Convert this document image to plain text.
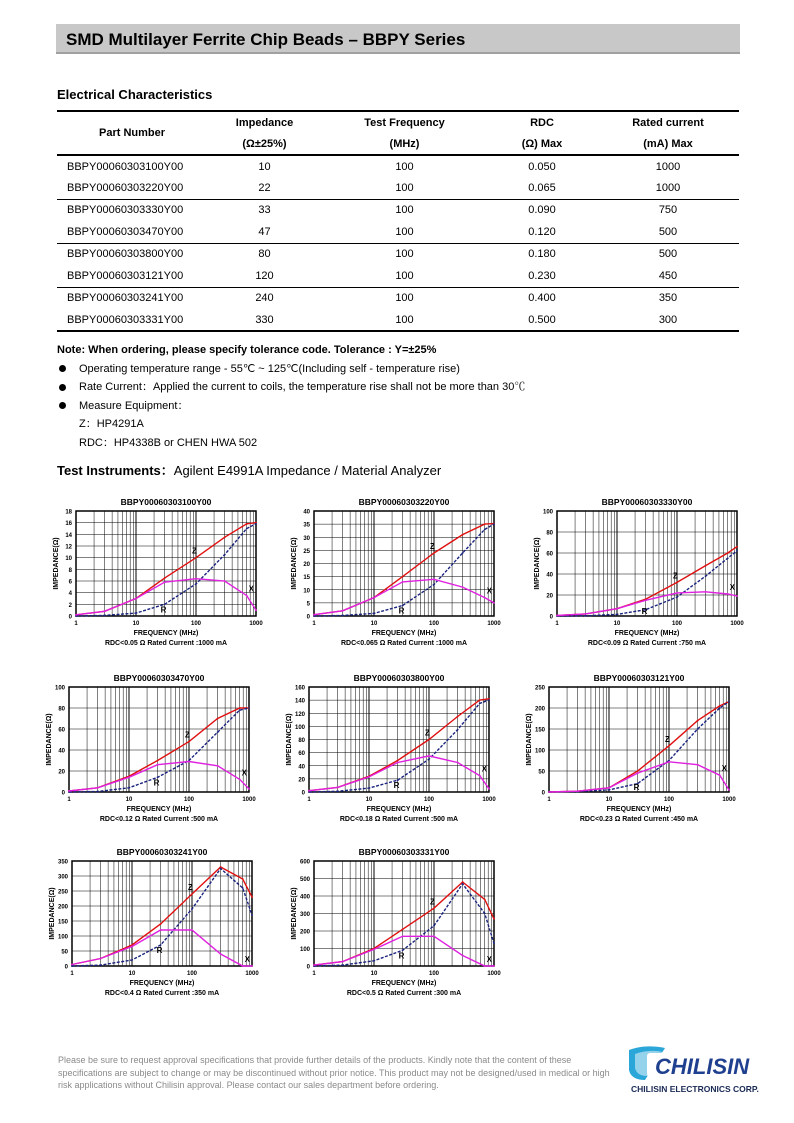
SMD Multilayer Ferrite Chip Beads – BBPY Series
Electrical Characteristics
Part Number	Impedance	Test Frequency	RDC	Rated current
	(Ω±25%)	(MHz)	(Ω) Max	(mA) Max
BBPY00060303100Y00	10	100	0.050	1000
BBPY00060303220Y00	22	100	0.065	1000
BBPY00060303330Y00	33	100	0.090	750
BBPY00060303470Y00	47	100	0.120	500
BBPY00060303800Y00	80	100	0.180	500
BBPY00060303121Y00	120	100	0.230	450
BBPY00060303241Y00	240	100	0.400	350
BBPY00060303331Y00	330	100	0.500	300
Note: When ordering, please specify tolerance code. Tolerance : Y=±25%
Operating temperature range - 55℃ ~ 125℃(Including self - temperature rise)
Rate Current：Applied the current to coils, the temperature rise shall not be more than 30℃
Measure Equipment：
Z：HP4291A
RDC：HP4338B or CHEN HWA 502
Test Instruments：Agilent E4991A Impedance / Material Analyzer
BBPY00060303100Y00
0
2
4
6
8
10
12
14
16
18
1	10	100	1000
FREQUENCY (MHz)
IMPEDANCE(Ω)
RDC<0.05 Ω Rated Current :1000 mA
Z
R
X
BBPY00060303220Y00
0
5
10
15
20
25
30
35
40
1	10	100	1000
FREQUENCY (MHz)
IMPEDANCE(Ω)
RDC<0.065 Ω Rated Current :1000 mA
Z
R
X
BBPY00060303330Y00
0
20
40
60
80
100
1	10	100	1000
FREQUENCY (MHz)
IMPEDANCE(Ω)
RDC<0.09 Ω Rated Current :750 mA
Z
R
X
BBPY00060303470Y00
0
20
40
60
80
100
1	10	100	1000
FREQUENCY (MHz)
IMPEDANCE(Ω)
RDC<0.12 Ω Rated Current :500 mA
Z
R
X
BBPY00060303800Y00
0
20
40
60
80
100
120
140
160
1	10	100	1000
FREQUENCY (MHz)
IMPEDANCE(Ω)
RDC<0.18 Ω Rated Current :500 mA
Z
R
X
BBPY00060303121Y00
0
50
100
150
200
250
1	10	100	1000
FREQUENCY (MHz)
IMPEDANCE(Ω)
RDC<0.23 Ω Rated Current :450 mA
Z
R
X
BBPY00060303241Y00
0
50
100
150
200
250
300
350
1	10	100	1000
FREQUENCY (MHz)
IMPEDANCE(Ω)
RDC<0.4 Ω Rated Current :350 mA
Z
R
X
BBPY00060303331Y00
0
100
200
300
400
500
600
1	10	100	1000
FREQUENCY (MHz)
IMPEDANCE(Ω)
RDC<0.5 Ω Rated Current :300 mA
Z
R	X
Please be sure to request approval specifications that provide further details of the products. Kindly note that the content of these specifications are subject to change or may be discontinued without prior notice. This product may not be designed/used in medical or high risk applications without Chilisin approval. Please contact our sales department before ordering.
CHILISIN
CHILISIN ELECTRONICS CORP.
